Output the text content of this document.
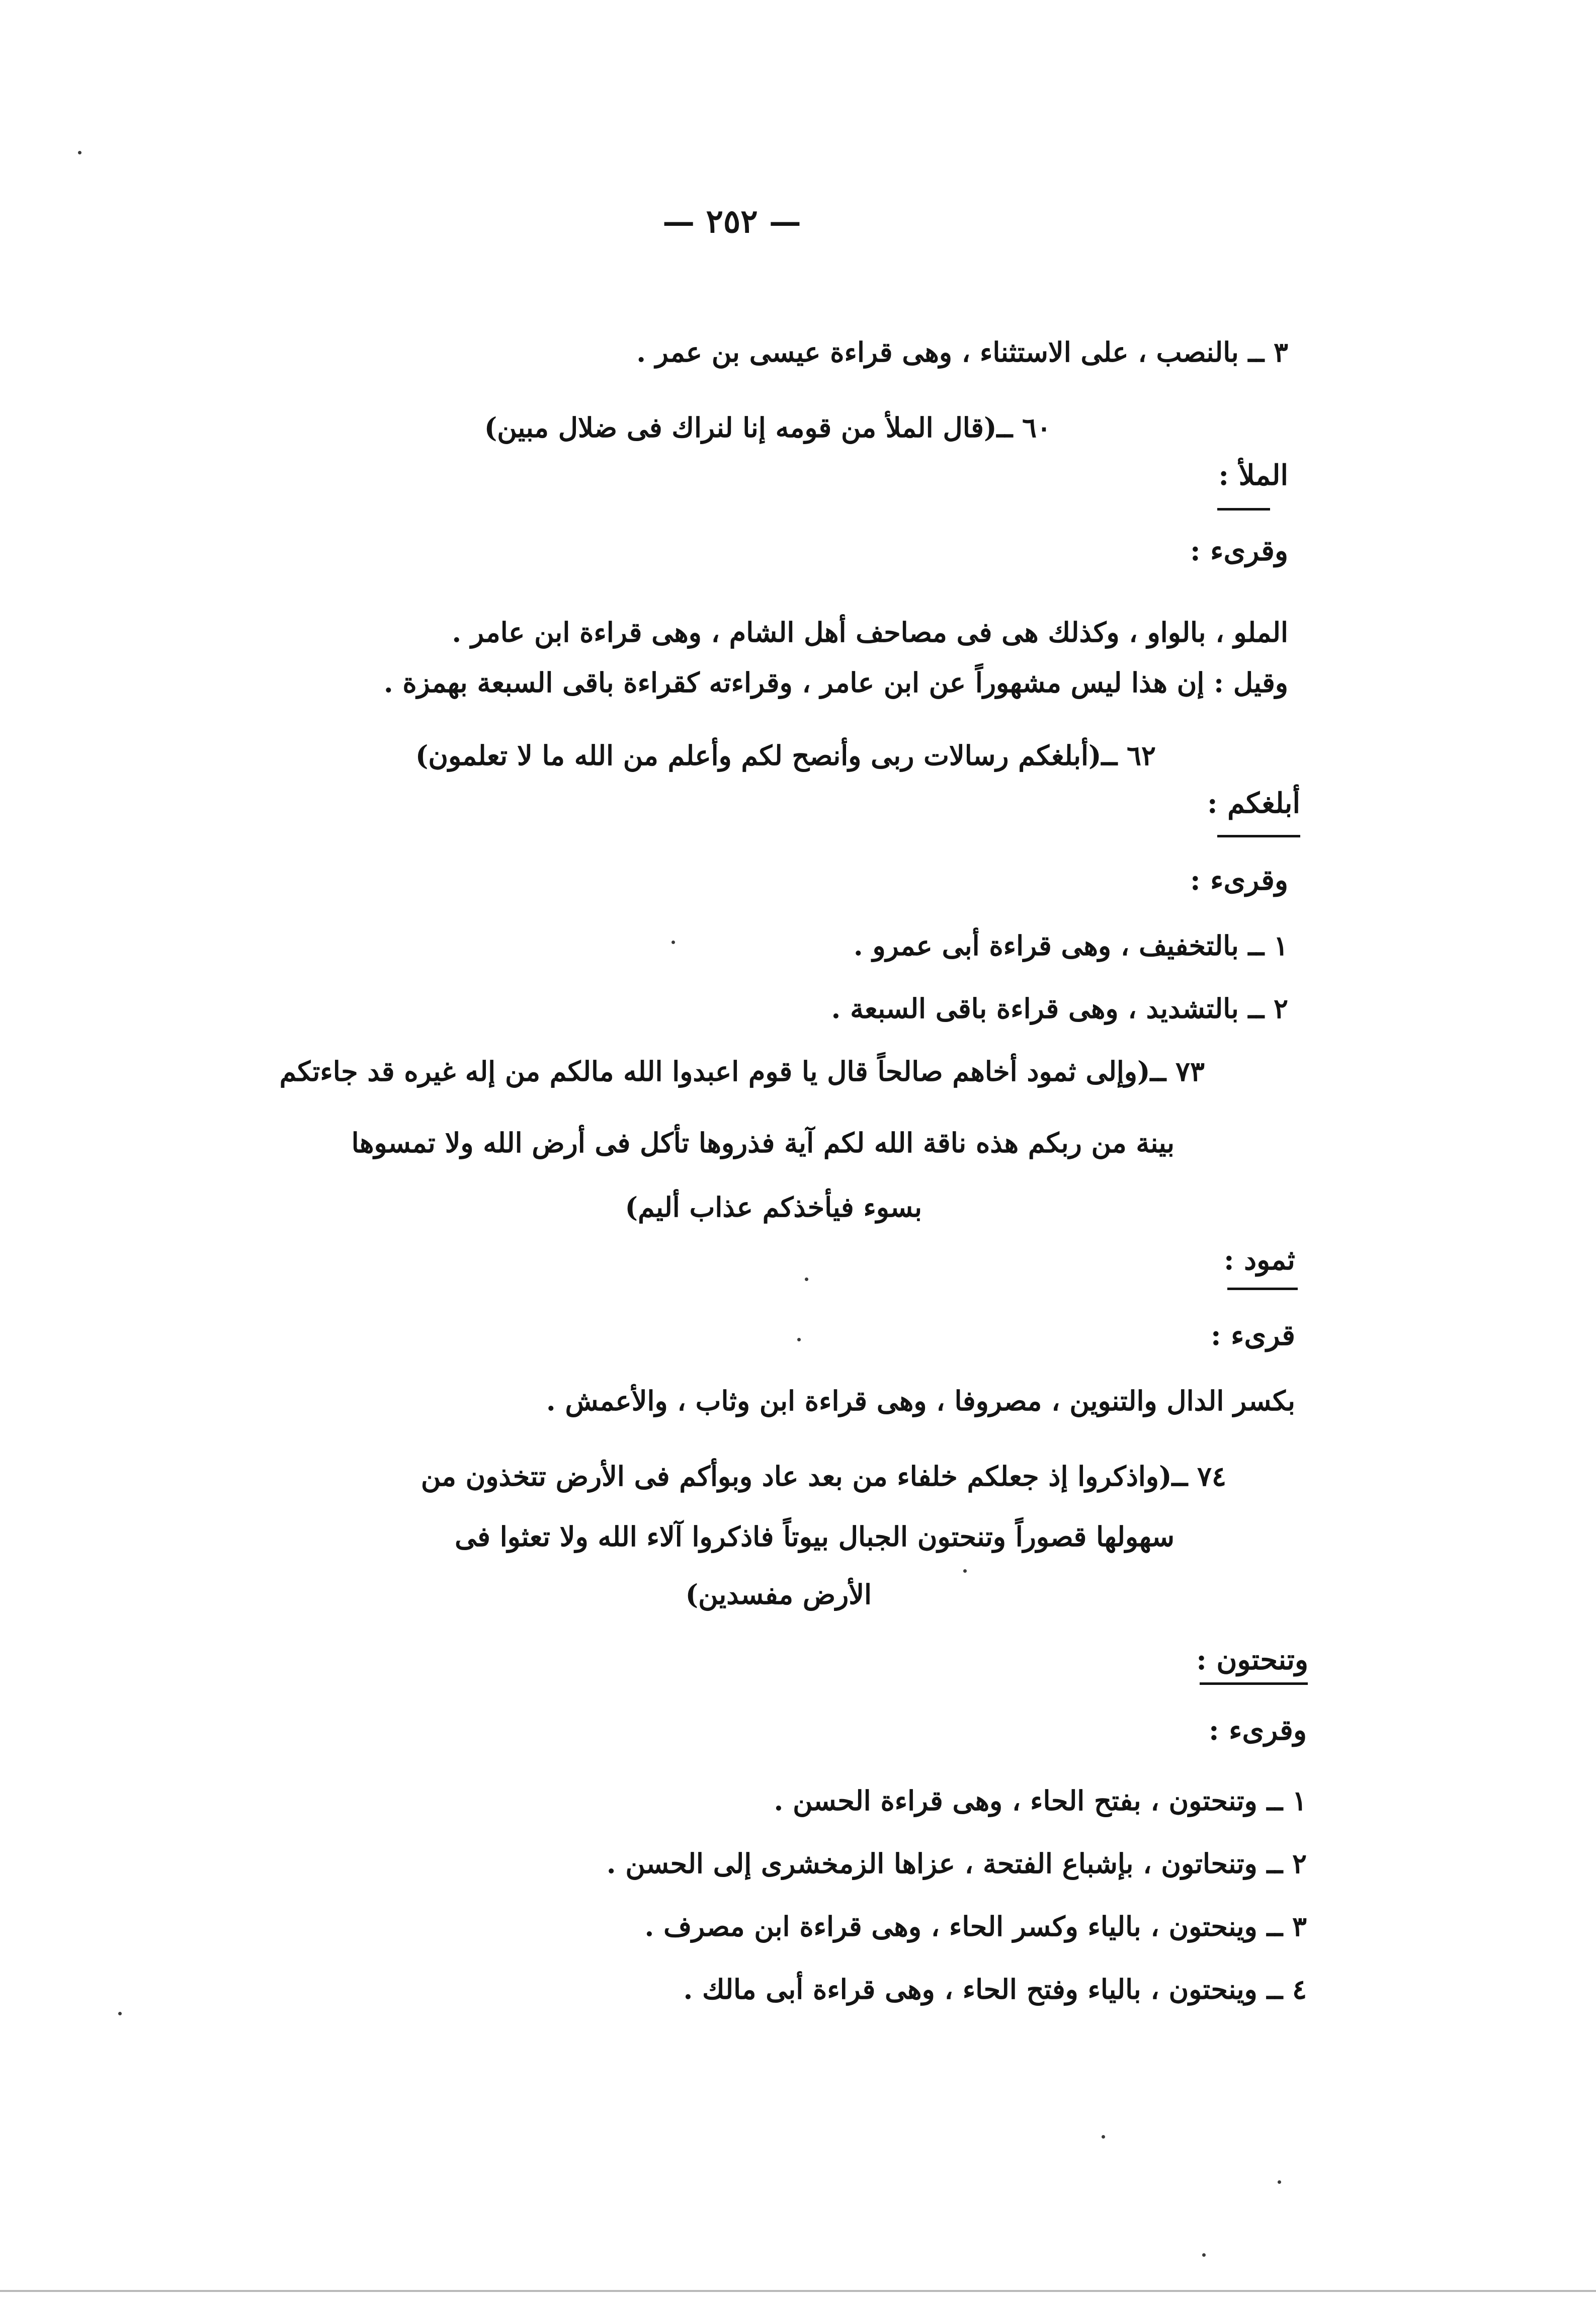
— ٢٥٢ —
٣ ــ بالنصب ، على الاستثناء ، وهى قراءة عيسى بن عمر .
٦٠ ــ(قال الملأ من قومه إنا لنراك فى ضلال مبين)
الملأ :
وقرىء :
الملو ، بالواو ، وكذلك هى فى مصاحف أهل الشام ، وهى قراءة ابن عامر .
وقيل : إن هذا ليس مشهوراً عن ابن عامر ، وقراءته كقراءة باقى السبعة بهمزة .
٦٢ ــ(أبلغكم رسالات ربى وأنصح لكم وأعلم من الله ما لا تعلمون)
أبلغكم :
وقرىء :
١ ــ بالتخفيف ، وهى قراءة أبى عمرو .
٢ ــ بالتشديد ، وهى قراءة باقى السبعة .
٧٣ ــ(وإلى ثمود أخاهم صالحاً قال يا قوم اعبدوا الله مالكم من إله غيره قد جاءتكم
بينة من ربكم هذه ناقة الله لكم آية فذروها تأكل فى أرض الله ولا تمسوها
بسوء فيأخذكم عذاب أليم)
ثمود :
قرىء :
بكسر الدال والتنوين ، مصروفا ، وهى قراءة ابن وثاب ، والأعمش .
٧٤ ــ(واذكروا إذ جعلكم خلفاء من بعد عاد وبوأكم فى الأرض تتخذون من
سهولها قصوراً وتنحتون الجبال بيوتاً فاذكروا آلاء الله ولا تعثوا فى
الأرض مفسدين)
وتنحتون :
وقرىء :
١ ــ وتنحتون ، بفتح الحاء ، وهى قراءة الحسن .
٢ ــ وتنحاتون ، بإشباع الفتحة ، عزاها الزمخشرى إلى الحسن .
٣ ــ وينحتون ، بالياء وكسر الحاء ، وهى قراءة ابن مصرف .
٤ ــ وينحتون ، بالياء وفتح الحاء ، وهى قراءة أبى مالك .
